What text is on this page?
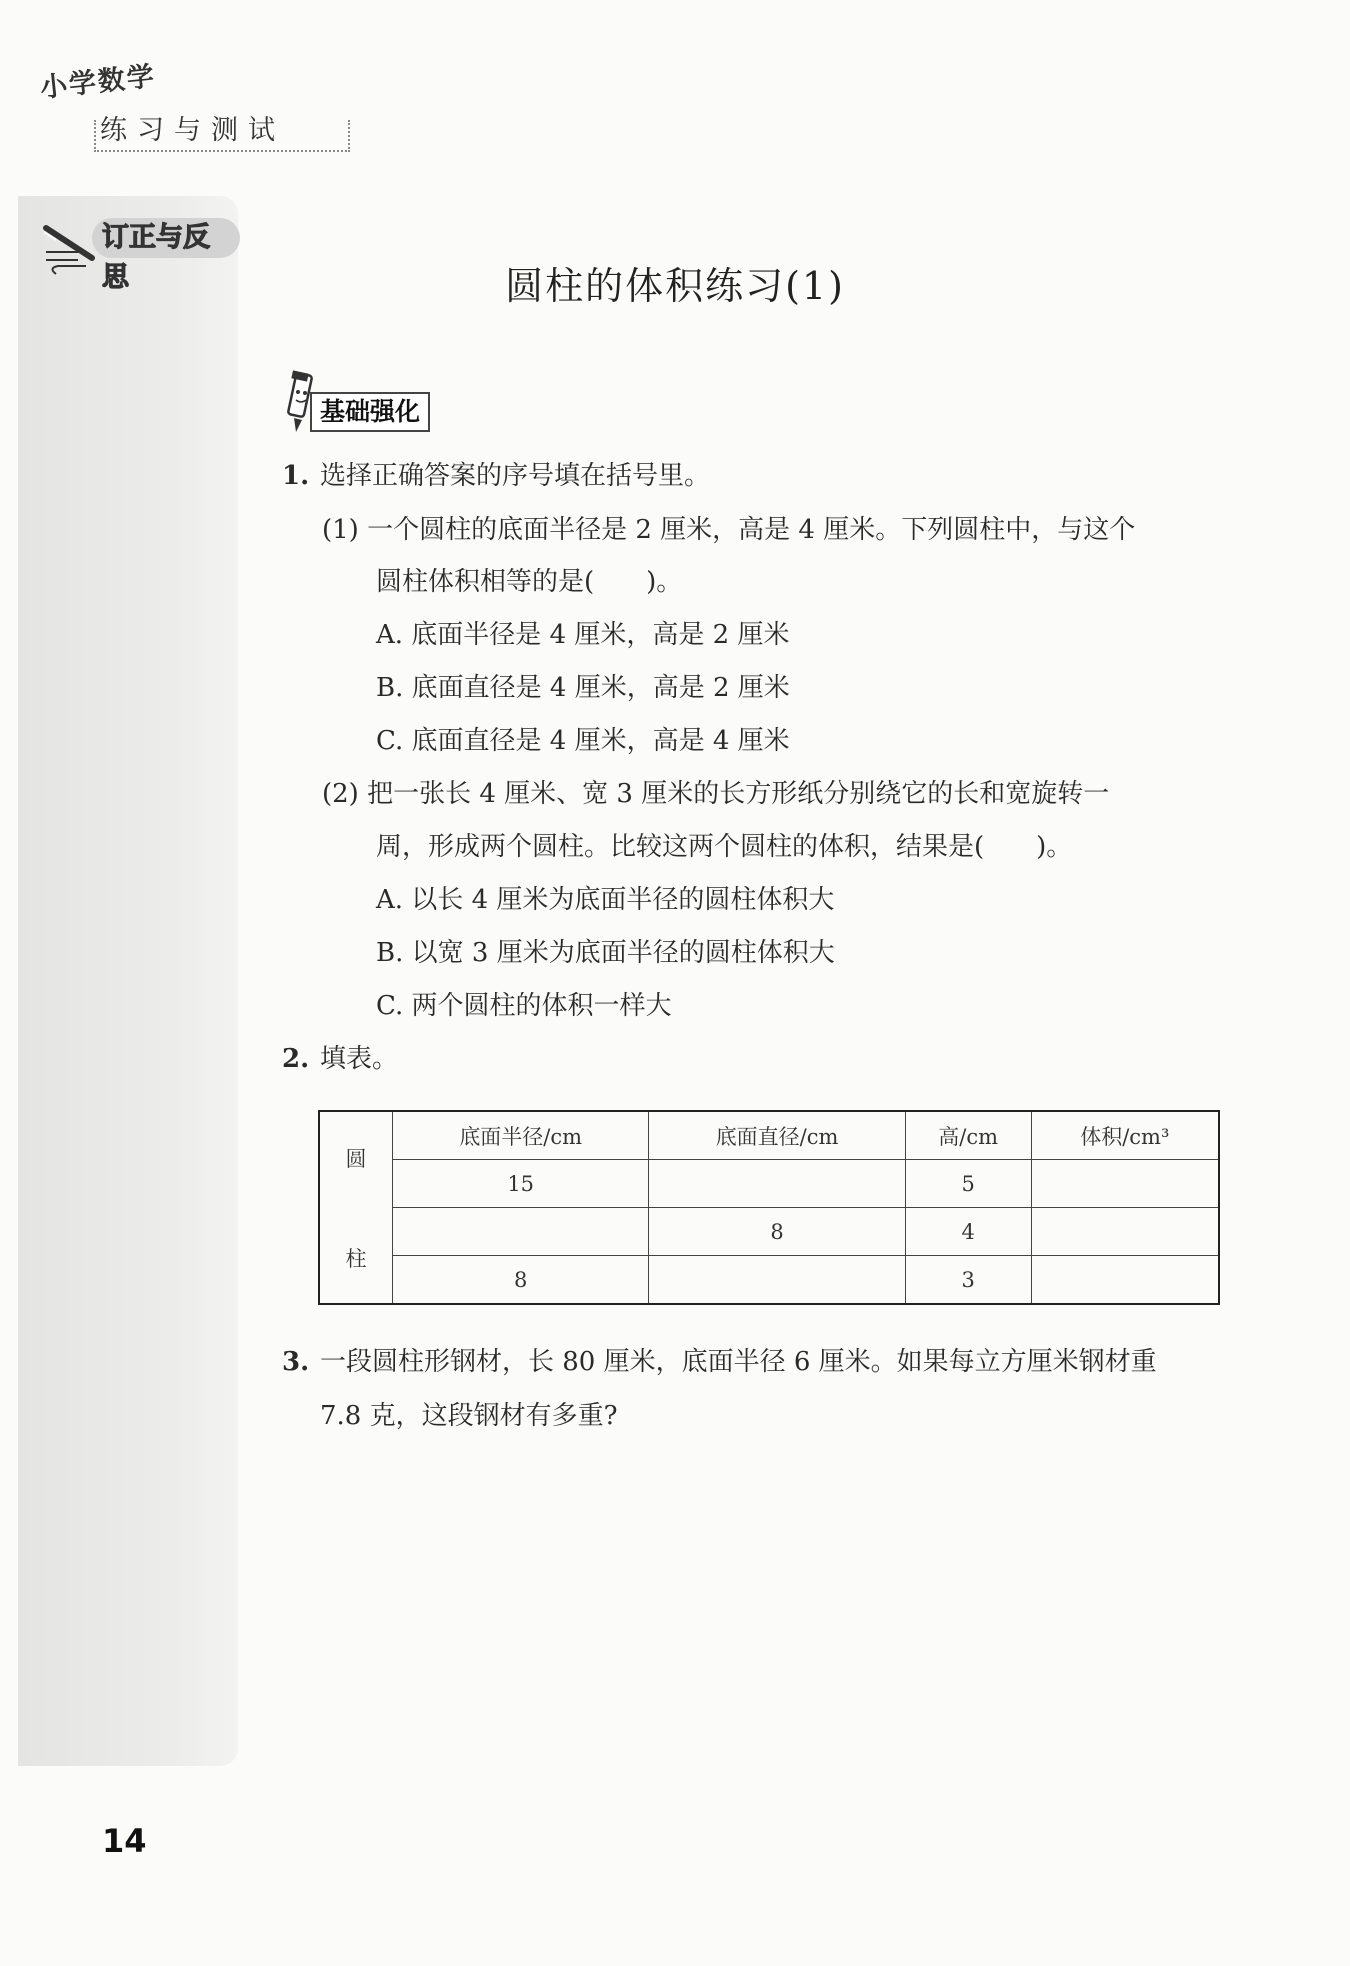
小学数学
练习与测试
订正与反思	圆柱的体积练习(1)
基础强化
1. 选择正确答案的序号填在括号里。
(1) 一个圆柱的底面半径是 2 厘米，高是 4 厘米。下列圆柱中，与这个
圆柱体积相等的是(　　)。
A. 底面半径是 4 厘米，高是 2 厘米
B. 底面直径是 4 厘米，高是 2 厘米
C. 底面直径是 4 厘米，高是 4 厘米
(2) 把一张长 4 厘米、宽 3 厘米的长方形纸分别绕它的长和宽旋转一
周，形成两个圆柱。比较这两个圆柱的体积，结果是(　　)。
A. 以长 4 厘米为底面半径的圆柱体积大
B. 以宽 3 厘米为底面半径的圆柱体积大
C. 两个圆柱的体积一样大
2. 填表。
圆
柱	底面半径/cm	底面直径/cm	高/cm	体积/cm³
	15		5	
		8	4	
	8		3	
3. 一段圆柱形钢材，长 80 厘米，底面半径 6 厘米。如果每立方厘米钢材重
7.8 克，这段钢材有多重?
14
